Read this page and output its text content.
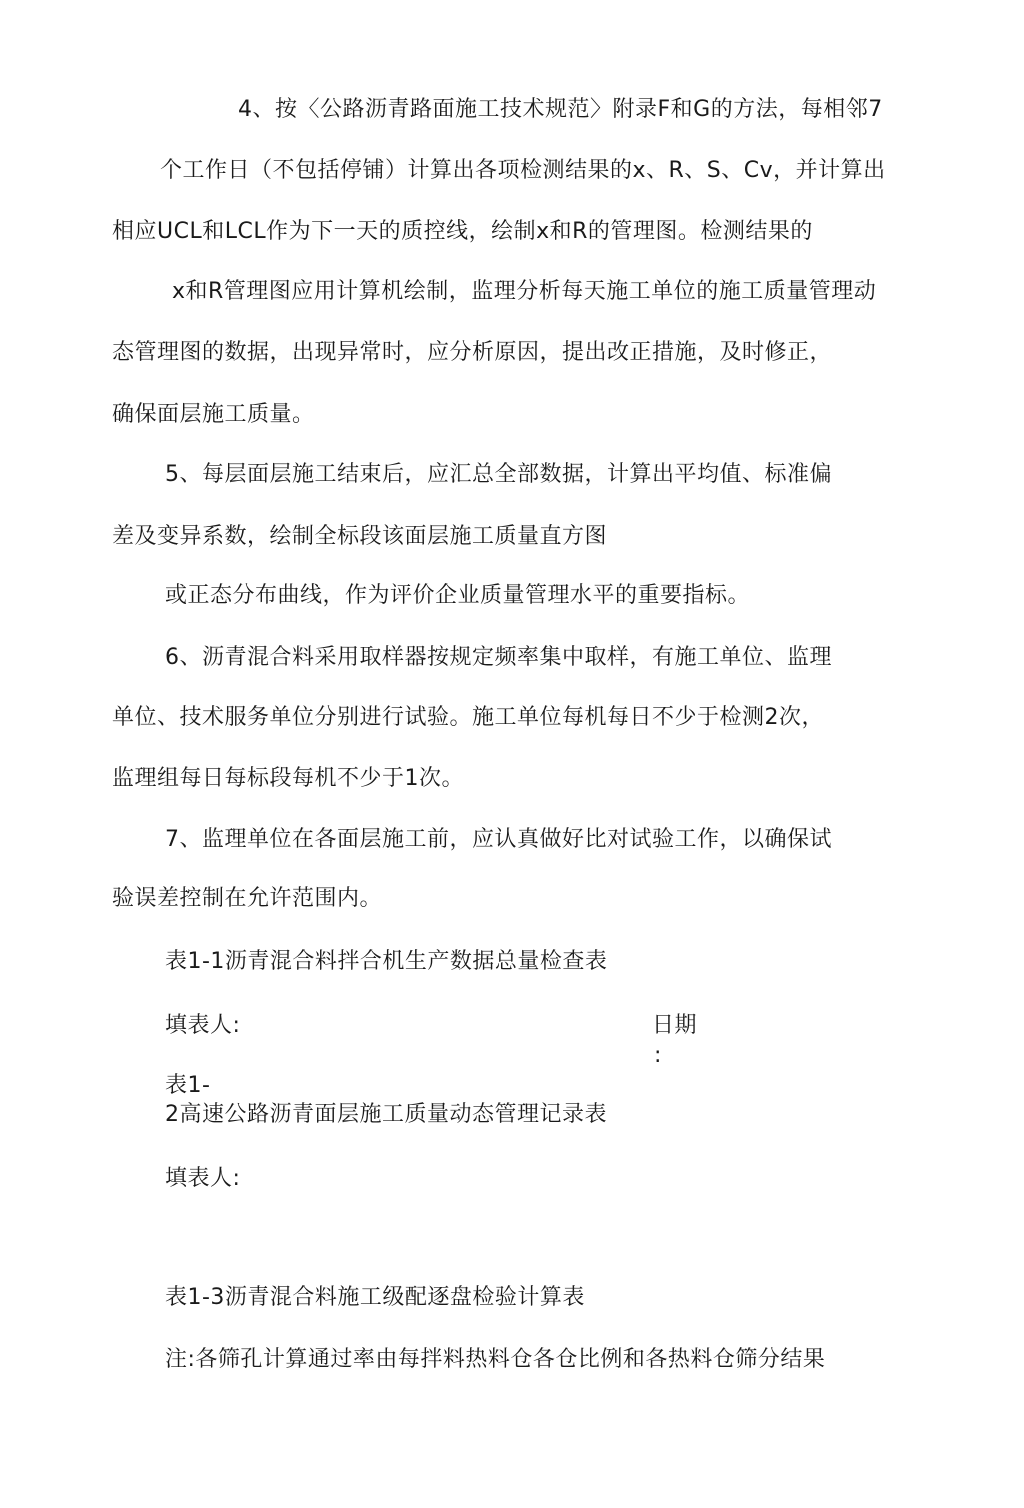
4、按〈公路沥青路面施工技术规范〉附录F和G的方法，每相邻7
个工作日（不包括停铺）计算出各项检测结果的x、R、S、Cv，并计算出
相应UCL和LCL作为下一天的质控线，绘制x和R的管理图。检测结果的
x和R管理图应用计算机绘制，监理分析每天施工单位的施工质量管理动
态管理图的数据，出现异常时，应分析原因，提出改正措施，及时修正，
确保面层施工质量。
5、每层面层施工结束后，应汇总全部数据，计算出平均值、标准偏
差及变异系数，绘制全标段该面层施工质量直方图
或正态分布曲线，作为评价企业质量管理水平的重要指标。
6、沥青混合料采用取样器按规定频率集中取样，有施工单位、监理
单位、技术服务单位分别进行试验。施工单位每机每日不少于检测2次，
监理组每日每标段每机不少于1次。
7、监理单位在各面层施工前，应认真做好比对试验工作，以确保试
验误差控制在允许范围内。
表1-1沥青混合料拌合机生产数据总量检查表
填表人:	日期
:
表1-
2高速公路沥青面层施工质量动态管理记录表
填表人:
表1-3沥青混合料施工级配逐盘检验计算表
注:各筛孔计算通过率由每拌料热料仓各仓比例和各热料仓筛分结果
